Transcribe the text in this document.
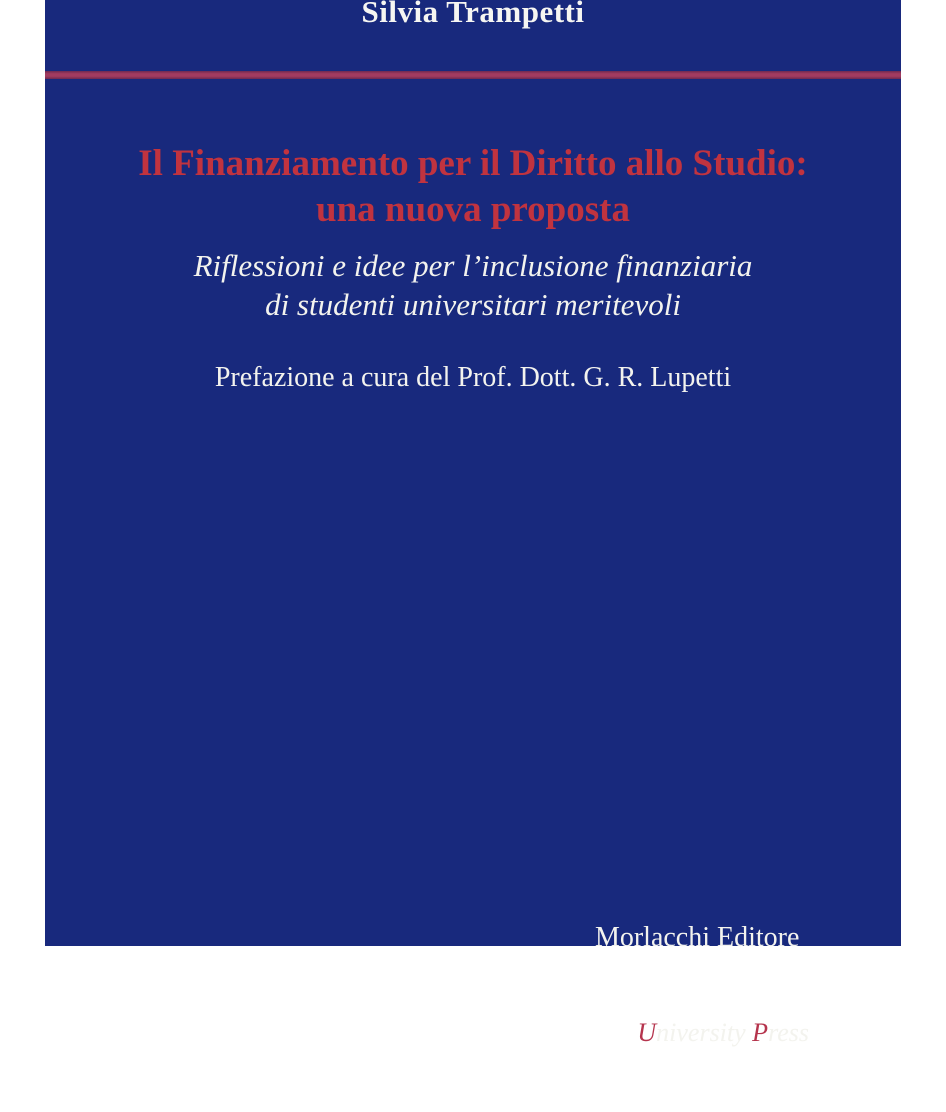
Silvia Trampetti
Il Finanziamento per il Diritto allo Studio:
una nuova proposta
Riflessioni e idee per l’inclusione finanziaria
di studenti universitari meritevoli
Prefazione a cura del Prof. Dott. G. R. Lupetti

Morlacchi Editore

University Press
